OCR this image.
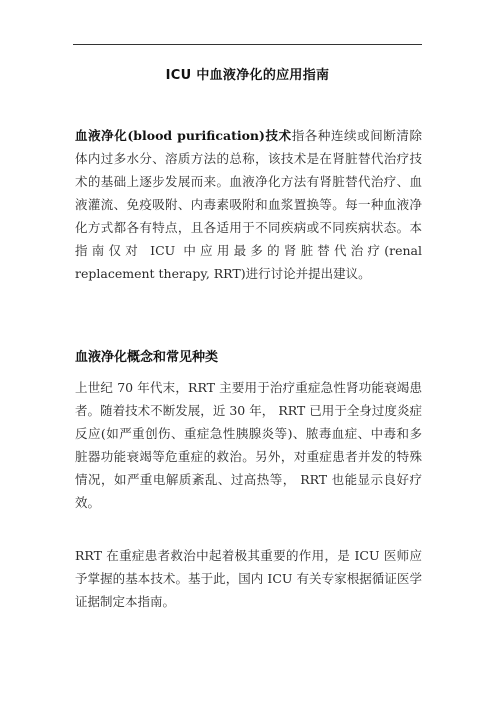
ICU 中血液净化的应用指南
血液净化(blood purification)技术指各种连续或间断清除体内过多水分、溶质方法的总称，该技术是在肾脏替代治疗技术的基础上逐步发展而来。血液净化方法有肾脏替代治疗、血液灌流、免疫吸附、内毒素吸附和血浆置换等。每一种血液净化方式都各有特点，且各适用于不同疾病或不同疾病状态。本指南仅对 ICU 中应用最多的肾脏替代治疗(renal replacement therapy, RRT)进行讨论并提出建议。
血液净化概念和常见种类
上世纪 70 年代末，RRT 主要用于治疗重症急性肾功能衰竭患者。随着技术不断发展，近 30 年， RRT 已用于全身过度炎症反应(如严重创伤、重症急性胰腺炎等)、脓毒血症、中毒和多脏器功能衰竭等危重症的救治。另外，对重症患者并发的特殊情况，如严重电解质紊乱、过高热等， RRT 也能显示良好疗效。
RRT 在重症患者救治中起着极其重要的作用，是 ICU 医师应予掌握的基本技术。基于此，国内 ICU 有关专家根据循证医学证据制定本指南。
